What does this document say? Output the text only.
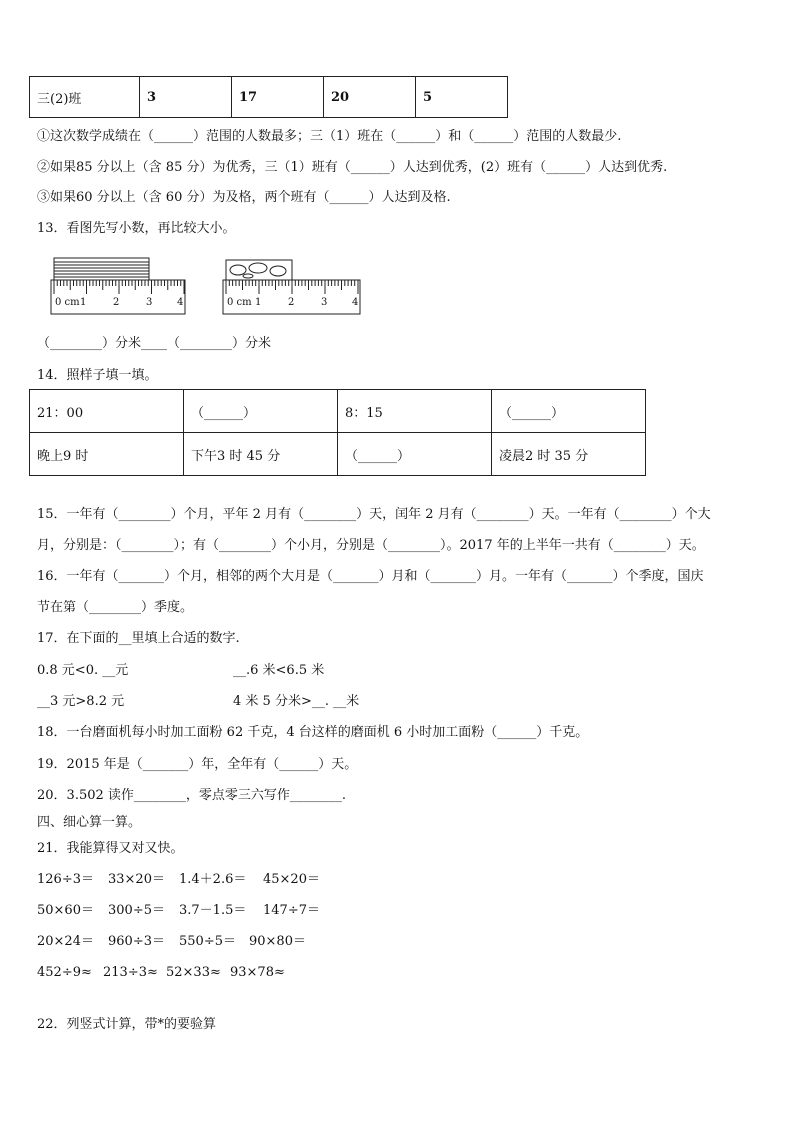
三(2)班	3	17	20	5
①这次数学成绩在（______）范围的人数最多；三（1）班在（______）和（______）范围的人数最少.
②如果85 分以上（含 85 分）为优秀，三（1）班有（______）人达到优秀，(2）班有（______）人达到优秀.
③如果60 分以上（含 60 分）为及格，两个班有（______）人达到及格.
13．看图先写小数，再比较大小。
0 cm 1	2	3 4	0 cm 1	2	3 4
（________）分米____（________）分米
14．照样子填一填。
21：00	（______）	8：15	（______）
晚上9 时	下午3 时 45 分	（______）	凌晨2 时 35 分
15．一年有（________）个月，平年 2 月有（________）天，闰年 2 月有（________）天。一年有（________）个大
月，分别是：（________）；有（________）个小月，分别是（________）。2017 年的上半年一共有（________）天。
16．一年有（_______）个月，相邻的两个大月是（_______）月和（_______）月。一年有（_______）个季度，国庆
节在第（________）季度。
17．在下面的__里填上合适的数字.
0.8 元<0. __元	__.6 米<6.5 米
__3 元>8.2 元	4 米 5 分米>__. __米
18．一台磨面机每小时加工面粉 62 千克，4 台这样的磨面机 6 小时加工面粉（______）千克。
19．2015 年是（_______）年，全年有（______）天。
20．3.502 读作________，零点零三六写作________.
四、细心算一算。
21．我能算得又对又快。
126÷3＝ 33×20＝ 1.4＋2.6＝ 45×20＝
50×60＝ 300÷5＝ 3.7－1.5＝ 147÷7＝
20×24＝ 960÷3＝ 550÷5＝ 90×80＝
452÷9≈ 213÷3≈ 52×33≈ 93×78≈
22．列竖式计算，带*的要验算
